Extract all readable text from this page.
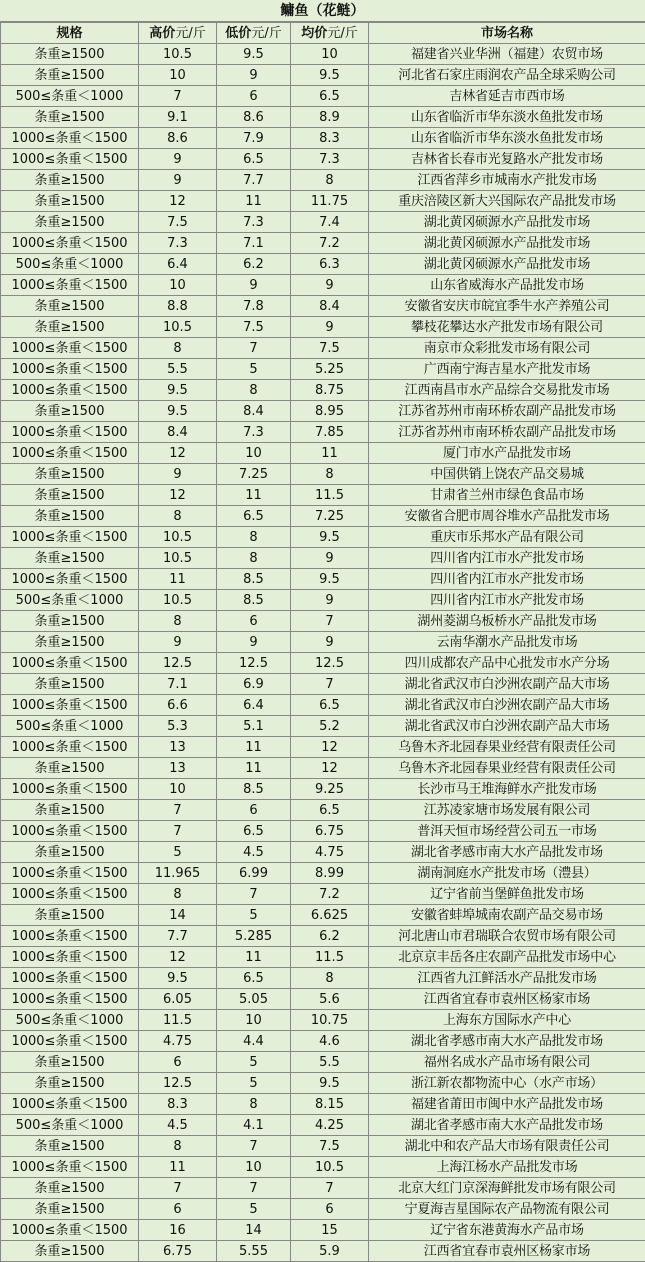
鳙鱼（花鲢）
规格	高价元/斤	低价元/斤	均价元/斤	市场名称
条重≥1500	10.5	9.5	10	福建省兴业华洲（福建）农贸市场
条重≥1500	10	9	9.5	河北省石家庄雨润农产品全球采购公司
500≤条重＜1000	7	6	6.5	吉林省延吉市西市场
条重≥1500	9.1	8.6	8.9	山东省临沂市华东淡水鱼批发市场
1000≤条重＜1500	8.6	7.9	8.3	山东省临沂市华东淡水鱼批发市场
1000≤条重＜1500	9	6.5	7.3	吉林省长春市光复路水产批发市场
条重≥1500	9	7.7	8	江西省萍乡市城南水产批发市场
条重≥1500	12	11	11.75	重庆涪陵区新大兴国际农产品批发市场
条重≥1500	7.5	7.3	7.4	湖北黄冈硕源水产品批发市场
1000≤条重＜1500	7.3	7.1	7.2	湖北黄冈硕源水产品批发市场
500≤条重＜1000	6.4	6.2	6.3	湖北黄冈硕源水产品批发市场
1000≤条重＜1500	10	9	9	山东省威海水产品批发市场
条重≥1500	8.8	7.8	8.4	安徽省安庆市皖宜季牛水产养殖公司
条重≥1500	10.5	7.5	9	攀枝花攀达水产批发市场有限公司
1000≤条重＜1500	8	7	7.5	南京市众彩批发市场有限公司
1000≤条重＜1500	5.5	5	5.25	广西南宁海吉星水产批发市场
1000≤条重＜1500	9.5	8	8.75	江西南昌市水产品综合交易批发市场
条重≥1500	9.5	8.4	8.95	江苏省苏州市南环桥农副产品批发市场
1000≤条重＜1500	8.4	7.3	7.85	江苏省苏州市南环桥农副产品批发市场
1000≤条重＜1500	12	10	11	厦门市水产品批发市场
条重≥1500	9	7.25	8	中国供销上饶农产品交易城
条重≥1500	12	11	11.5	甘肃省兰州市绿色食品市场
条重≥1500	8	6.5	7.25	安徽省合肥市周谷堆水产品批发市场
1000≤条重＜1500	10.5	8	9.5	重庆市乐邦水产品有限公司
条重≥1500	10.5	8	9	四川省内江市水产批发市场
1000≤条重＜1500	11	8.5	9.5	四川省内江市水产批发市场
500≤条重＜1000	10.5	8.5	9	四川省内江市水产批发市场
条重≥1500	8	6	7	湖州菱湖乌板桥水产品批发市场
条重≥1500	9	9	9	云南华潮水产品批发市场
1000≤条重＜1500	12.5	12.5	12.5	四川成都农产品中心批发市水产分场
条重≥1500	7.1	6.9	7	湖北省武汉市白沙洲农副产品大市场
1000≤条重＜1500	6.6	6.4	6.5	湖北省武汉市白沙洲农副产品大市场
500≤条重＜1000	5.3	5.1	5.2	湖北省武汉市白沙洲农副产品大市场
1000≤条重＜1500	13	11	12	乌鲁木齐北园春果业经营有限责任公司
条重≥1500	13	11	12	乌鲁木齐北园春果业经营有限责任公司
1000≤条重＜1500	10	8.5	9.25	长沙市马王堆海鲜水产批发市场
条重≥1500	7	6	6.5	江苏凌家塘市场发展有限公司
1000≤条重＜1500	7	6.5	6.75	普洱天恒市场经营公司五一市场
条重≥1500	5	4.5	4.75	湖北省孝感市南大水产品批发市场
1000≤条重＜1500	11.965	6.99	8.99	湖南洞庭水产批发市场（澧县）
1000≤条重＜1500	8	7	7.2	辽宁省前当堡鲜鱼批发市场
条重≥1500	14	5	6.625	安徽省蚌埠城南农副产品交易市场
1000≤条重＜1500	7.7	5.285	6.2	河北唐山市君瑞联合农贸市场有限公司
1000≤条重＜1500	12	11	11.5	北京京丰岳各庄农副产品批发市场中心
1000≤条重＜1500	9.5	6.5	8	江西省九江鲜活水产品批发市场
1000≤条重＜1500	6.05	5.05	5.6	江西省宜春市袁州区杨家市场
500≤条重＜1000	11.5	10	10.75	上海东方国际水产中心
1000≤条重＜1500	4.75	4.4	4.6	湖北省孝感市南大水产品批发市场
条重≥1500	6	5	5.5	福州名成水产品市场有限公司
条重≥1500	12.5	5	9.5	浙江新农都物流中心（水产市场）
1000≤条重＜1500	8.3	8	8.15	福建省莆田市闽中水产品批发市场
500≤条重＜1000	4.5	4.1	4.25	湖北省孝感市南大水产品批发市场
条重≥1500	8	7	7.5	湖北中和农产品大市场有限责任公司
1000≤条重＜1500	11	10	10.5	上海江杨水产品批发市场
条重≥1500	7	7	7	北京大红门京深海鲜批发市场有限公司
条重≥1500	6	5	6	宁夏海吉星国际农产品物流有限公司
1000≤条重＜1500	16	14	15	辽宁省东港黄海水产品市场
条重≥1500	6.75	5.55	5.9	江西省宜春市袁州区杨家市场
